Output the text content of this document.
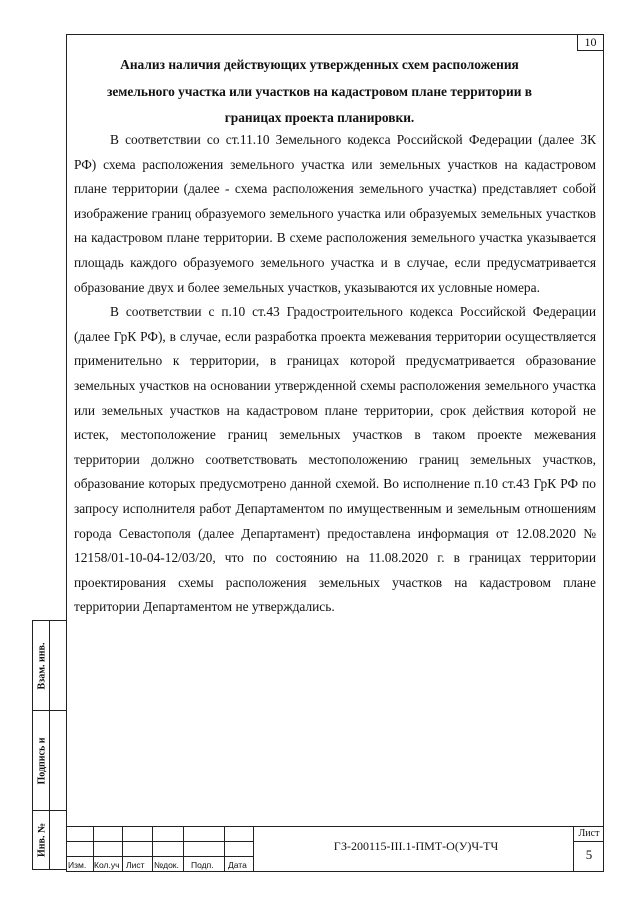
10
Анализ наличия действующих утвержденных схем расположения
земельного участка или участков на кадастровом плане территории в
границах проекта планировки.

В соответствии со ст.11.10 Земельного кодекса Российской Федерации (далее ЗК РФ) схема расположения земельного участка или земельных участков на кадастровом плане территории (далее - схема расположения земельного участка) представляет собой изображение границ образуемого земельного участка или образуемых земельных участков на кадастровом плане территории. В схеме расположения земельного участка указывается площадь каждого образуемого земельного участка и в случае, если предусматривается образование двух и более земельных участков, указываются их условные номера.

В соответствии с п.10 ст.43 Градостроительного кодекса Российской Федерации (далее ГрК РФ), в случае, если разработка проекта межевания территории осуществляется применительно к территории, в границах которой предусматривается образование земельных участков на основании утвержденной схемы расположения земельного участка или земельных участков на кадастровом плане территории, срок действия которой не истек, местоположение границ земельных участков в таком проекте межевания территории должно соответствовать местоположению границ земельных участков, образование которых предусмотрено данной схемой. Во исполнение п.10 ст.43 ГрК РФ по запросу исполнителя работ Департаментом по имущественным и земельным отношениям города Севастополя (далее Департамент) предоставлена информация от 12.08.2020 № 12158/01-10-04-12/03/20, что по состоянию на 11.08.2020 г. в границах территории проектирования схемы расположения земельных участков на кадастровом плане территории Департаментом не утверждались.

Взам. инв.
Подпись и
Инв. №
Изм. Кол.уч Лист №док. Подп. Дата
ГЗ-200115-III.1-ПМТ-О(У)Ч-ТЧ
Лист
5
